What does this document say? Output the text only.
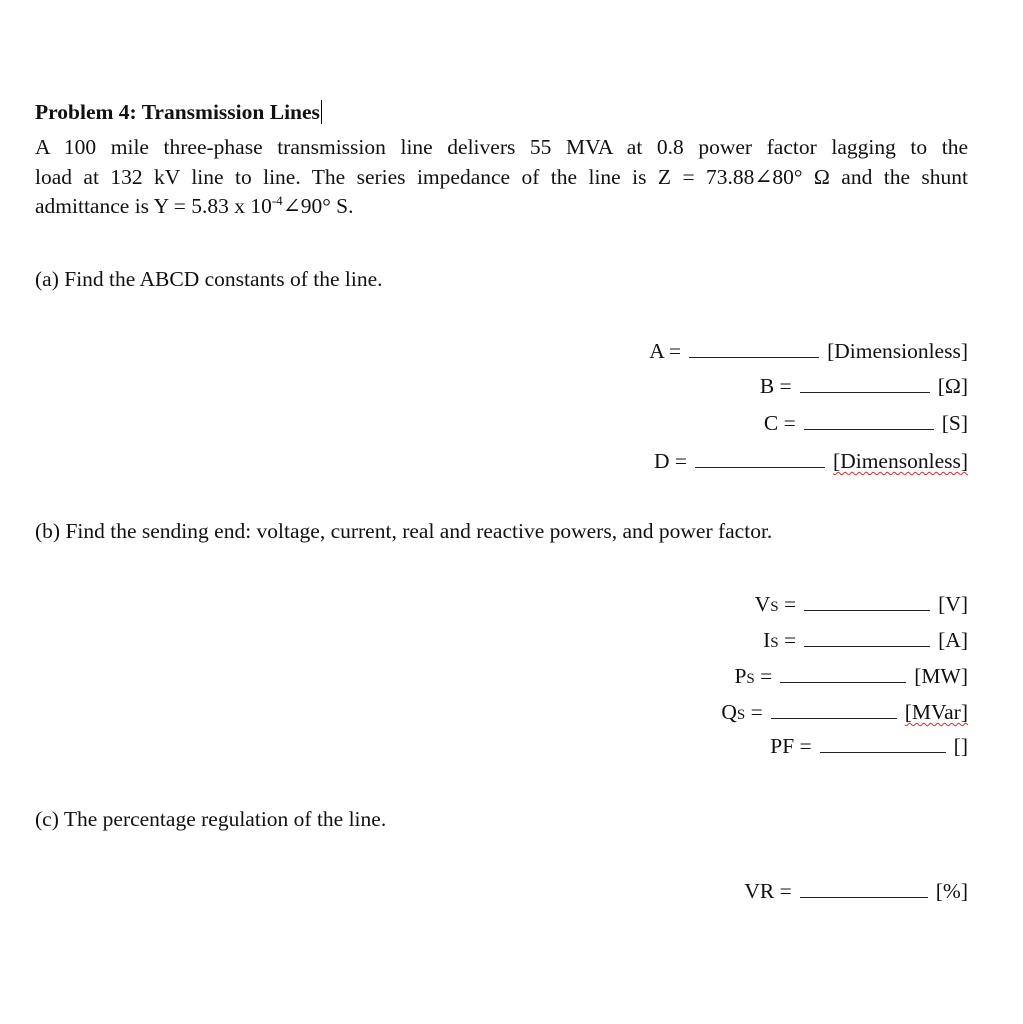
Problem 4: Transmission Lines
A 100 mile three-phase transmission line delivers 55 MVA at 0.8 power factor lagging to the
load at 132 kV line to line. The series impedance of the line is Z = 73.88∠80° Ω and the shunt
admittance is Y = 5.83 x $10^{-4}\angle 90^\circ$ S.
(a) Find the ABCD constants of the line.
A =	[Dimensionless]
B =	[Ω]
C =	[S]
D =	[Dimensonless]
(b) Find the sending end: voltage, current, real and reactive powers, and power factor.
VS =	[V]
IS =	[A]
PS =	[MW]
QS =	[MVar]
PF =	[]
(c) The percentage regulation of the line.
VR =	[%]
